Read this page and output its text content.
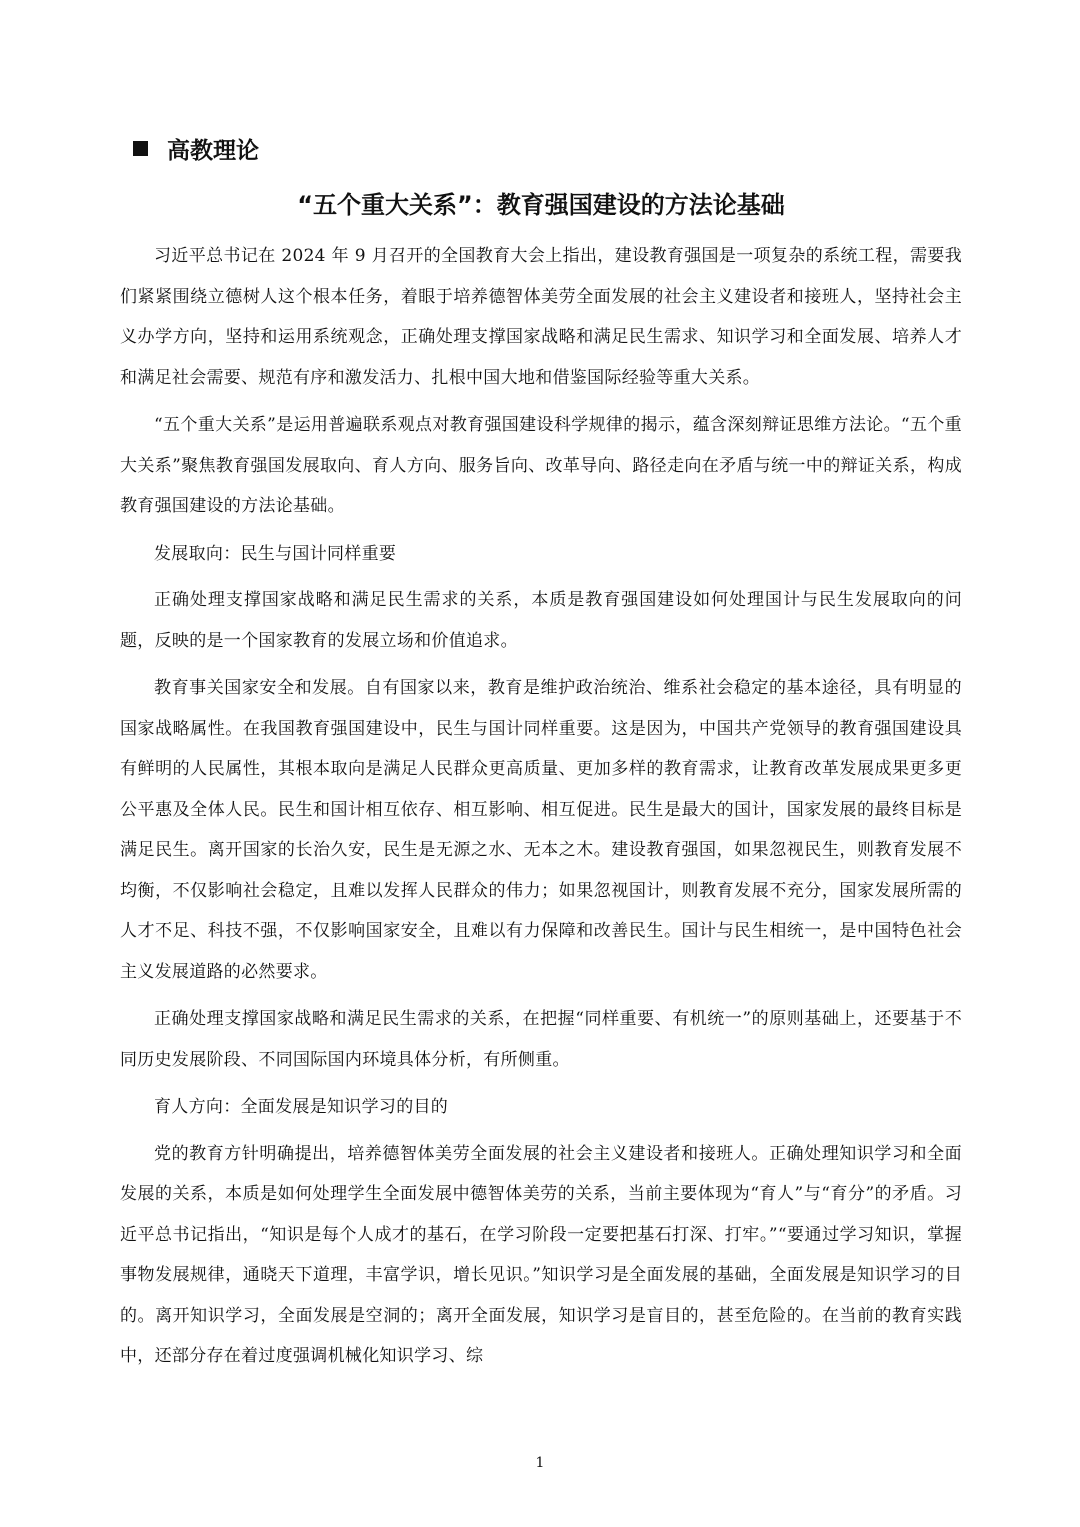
高教理论
“五个重大关系”：教育强国建设的方法论基础

习近平总书记在 2024 年 9 月召开的全国教育大会上指出，建设教育强国是一项复杂的系统工程，需要我们紧紧围绕立德树人这个根本任务，着眼于培养德智体美劳全面发展的社会主义建设者和接班人，坚持社会主义办学方向，坚持和运用系统观念，正确处理支撑国家战略和满足民生需求、知识学习和全面发展、培养人才和满足社会需要、规范有序和激发活力、扎根中国大地和借鉴国际经验等重大关系。

“五个重大关系”是运用普遍联系观点对教育强国建设科学规律的揭示，蕴含深刻辩证思维方法论。“五个重大关系”聚焦教育强国发展取向、育人方向、服务旨向、改革导向、路径走向在矛盾与统一中的辩证关系，构成教育强国建设的方法论基础。

发展取向：民生与国计同样重要

正确处理支撑国家战略和满足民生需求的关系，本质是教育强国建设如何处理国计与民生发展取向的问题，反映的是一个国家教育的发展立场和价值追求。

教育事关国家安全和发展。自有国家以来，教育是维护政治统治、维系社会稳定的基本途径，具有明显的国家战略属性。在我国教育强国建设中，民生与国计同样重要。这是因为，中国共产党领导的教育强国建设具有鲜明的人民属性，其根本取向是满足人民群众更高质量、更加多样的教育需求，让教育改革发展成果更多更公平惠及全体人民。民生和国计相互依存、相互影响、相互促进。民生是最大的国计，国家发展的最终目标是满足民生。离开国家的长治久安，民生是无源之水、无本之木。建设教育强国，如果忽视民生，则教育发展不均衡，不仅影响社会稳定，且难以发挥人民群众的伟力；如果忽视国计，则教育发展不充分，国家发展所需的人才不足、科技不强，不仅影响国家安全，且难以有力保障和改善民生。国计与民生相统一，是中国特色社会主义发展道路的必然要求。

正确处理支撑国家战略和满足民生需求的关系，在把握“同样重要、有机统一”的原则基础上，还要基于不同历史发展阶段、不同国际国内环境具体分析，有所侧重。

育人方向：全面发展是知识学习的目的

党的教育方针明确提出，培养德智体美劳全面发展的社会主义建设者和接班人。正确处理知识学习和全面发展的关系，本质是如何处理学生全面发展中德智体美劳的关系，当前主要体现为“育人”与“育分”的矛盾。习近平总书记指出，“知识是每个人成才的基石，在学习阶段一定要把基石打深、打牢。”“要通过学习知识，掌握事物发展规律，通晓天下道理，丰富学识，增长见识。”知识学习是全面发展的基础，全面发展是知识学习的目的。离开知识学习，全面发展是空洞的；离开全面发展，知识学习是盲目的，甚至危险的。在当前的教育实践中，还部分存在着过度强调机械化知识学习、综

1
